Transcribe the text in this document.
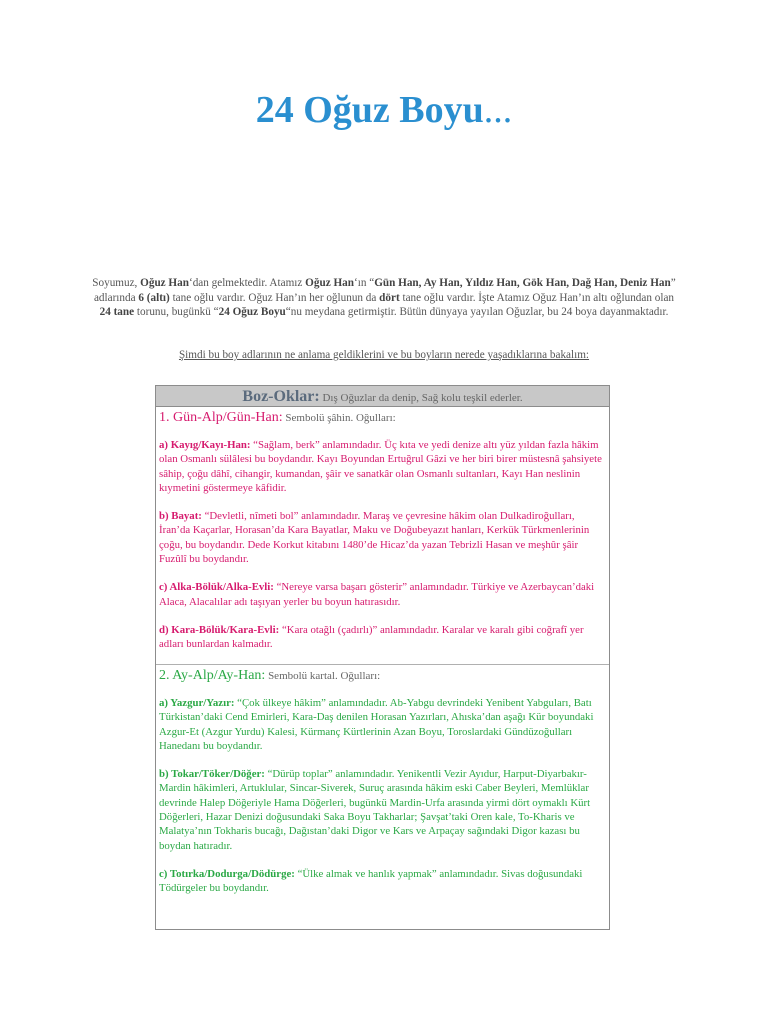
24 Oğuz Boyu...
Soyumuz, Oğuz Han‘dan gelmektedir. Atamız Oğuz Han‘ın “Gün Han, Ay Han, Yıldız Han, Gök Han, Dağ Han, Deniz Han” adlarında 6 (altı) tane oğlu vardır. Oğuz Han’ın her oğlunun da dört tane oğlu vardır. İşte Atamız Oğuz Han’ın altı oğlundan olan 24 tane torunu, bugünkü “24 Oğuz Boyu“nu meydana getirmiştir. Bütün dünyaya yayılan Oğuzlar, bu 24 boya dayanmaktadır.
Şimdi bu boy adlarının ne anlama geldiklerini ve bu boyların nerede yaşadıklarına bakalım:
Boz-Oklar: Dış Oğuzlar da denip, Sağ kolu teşkil ederler.
1. Gün-Alp/Gün-Han: Sembolü şâhin. Oğulları:
a) Kayıg/Kayı-Han: “Sağlam, berk” anlamındadır. Üç kıta ve yedi denize altı yüz yıldan fazla hâkim olan Osmanlı sülâlesi bu boydandır. Kayı Boyundan Ertuğrul Gâzi ve her biri birer müstesnâ şahsiyete sâhip, çoğu dâhî, cihangir, kumandan, şâir ve sanatkâr olan Osmanlı sultanları, Kayı Han neslinin kıymetini göstermeye kâfidir.
b) Bayat: “Devletli, nîmeti bol” anlamındadır. Maraş ve çevresine hâkim olan Dulkadiroğulları, İran’da Kaçarlar, Horasan’da Kara Bayatlar, Maku ve Doğubeyazıt hanları, Kerkük Türkmenlerinin çoğu, bu boydandır. Dede Korkut kitabını 1480’de Hicaz’da yazan Tebrizli Hasan ve meşhûr şâir Fuzûlî bu boydandır.
c) Alka-Bölük/Alka-Evli: “Nereye varsa başarı gösterir” anlamındadır. Türkiye ve Azerbaycan’daki Alaca, Alacalılar adı taşıyan yerler bu boyun hatırasıdır.
d) Kara-Bölük/Kara-Evli: “Kara otağlı (çadırlı)” anlamındadır. Karalar ve karalı gibi coğrafî yer adları bunlardan kalmadır.
2. Ay-Alp/Ay-Han: Sembolü kartal. Oğulları:
a) Yazgur/Yazır: “Çok ülkeye hâkim” anlamındadır. Ab-Yabgu devrindeki Yenibent Yabguları, Batı Türkistan’daki Cend Emirleri, Kara-Daş denilen Horasan Yazırları, Ahıska’dan aşağı Kür boyundaki Azgur-Et (Azgur Yurdu) Kalesi, Kürmanç Kürtlerinin Azan Boyu, Toroslardaki Gündüzoğulları Hanedanı bu boydandır.
b) Tokar/Töker/Döğer: “Dürüp toplar” anlamındadır. Yenikentli Vezir Ayıdur, Harput-Diyarbakır-Mardin hâkimleri, Artuklular, Sincar-Siverek, Suruç arasında hâkim eski Caber Beyleri, Memlüklar devrinde Halep Döğeriyle Hama Döğerleri, bugünkü Mardin-Urfa arasında yirmi dört oymaklı Kürt Döğerleri, Hazar Denizi doğusundaki Saka Boyu Takharlar; Şavşat’taki Oren kale, To-Kharis ve Malatya’nın Tokharis bucağı, Dağıstan’daki Digor ve Kars ve Arpaçay sağındaki Digor kazası bu boydan hatıradır.
c) Totırka/Dodurga/Dödürge: “Ülke almak ve hanlık yapmak” anlamındadır. Sivas doğusundaki Tödürgeler bu boydandır.
